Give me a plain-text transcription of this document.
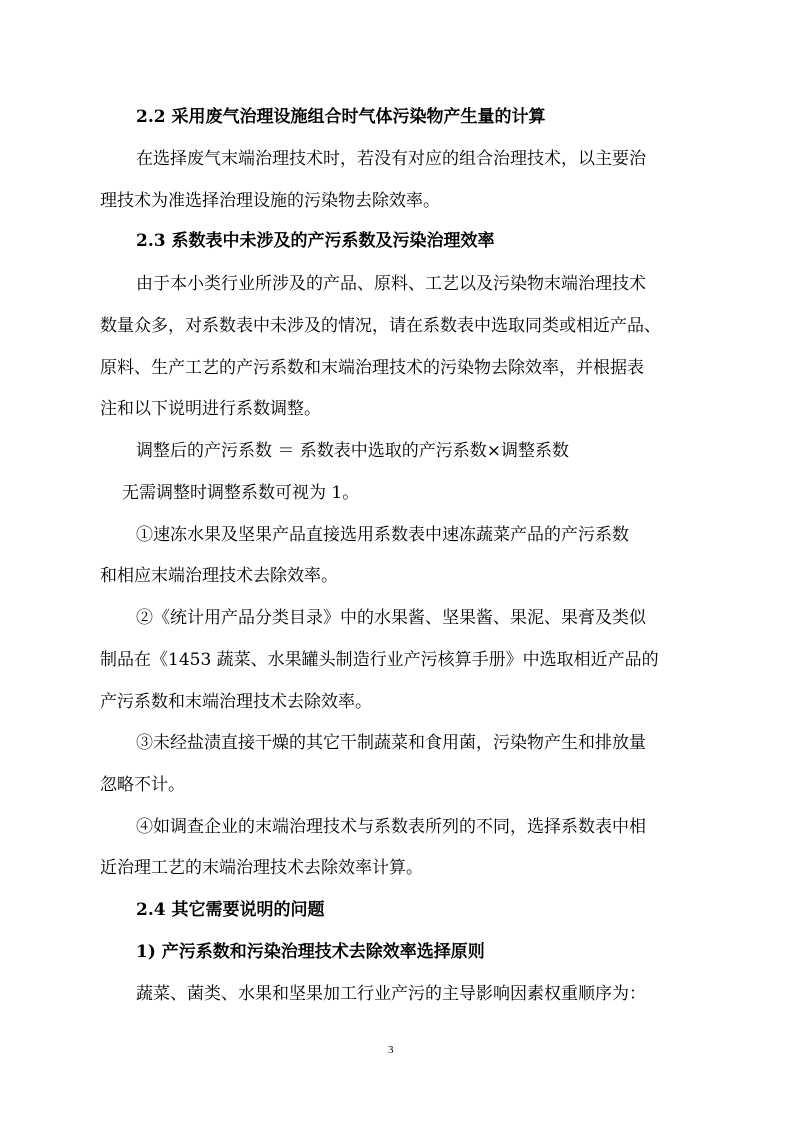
2.2 采用废气治理设施组合时气体污染物产生量的计算
在选择废气末端治理技术时，若没有对应的组合治理技术，以主要治
理技术为准选择治理设施的污染物去除效率。
2.3 系数表中未涉及的产污系数及污染治理效率
由于本小类行业所涉及的产品、原料、工艺以及污染物末端治理技术
数量众多，对系数表中未涉及的情况，请在系数表中选取同类或相近产品、
原料、生产工艺的产污系数和末端治理技术的污染物去除效率，并根据表
注和以下说明进行系数调整。
调整后的产污系数 ＝ 系数表中选取的产污系数×调整系数
无需调整时调整系数可视为 1。
①速冻水果及坚果产品直接选用系数表中速冻蔬菜产品的产污系数
和相应末端治理技术去除效率。
②《统计用产品分类目录》中的水果酱、坚果酱、果泥、果膏及类似
制品在《1453 蔬菜、水果罐头制造行业产污核算手册》中选取相近产品的
产污系数和末端治理技术去除效率。
③未经盐渍直接干燥的其它干制蔬菜和食用菌，污染物产生和排放量
忽略不计。
④如调查企业的末端治理技术与系数表所列的不同，选择系数表中相
近治理工艺的末端治理技术去除效率计算。
2.4 其它需要说明的问题
1) 产污系数和污染治理技术去除效率选择原则
蔬菜、菌类、水果和坚果加工行业产污的主导影响因素权重顺序为：
3
